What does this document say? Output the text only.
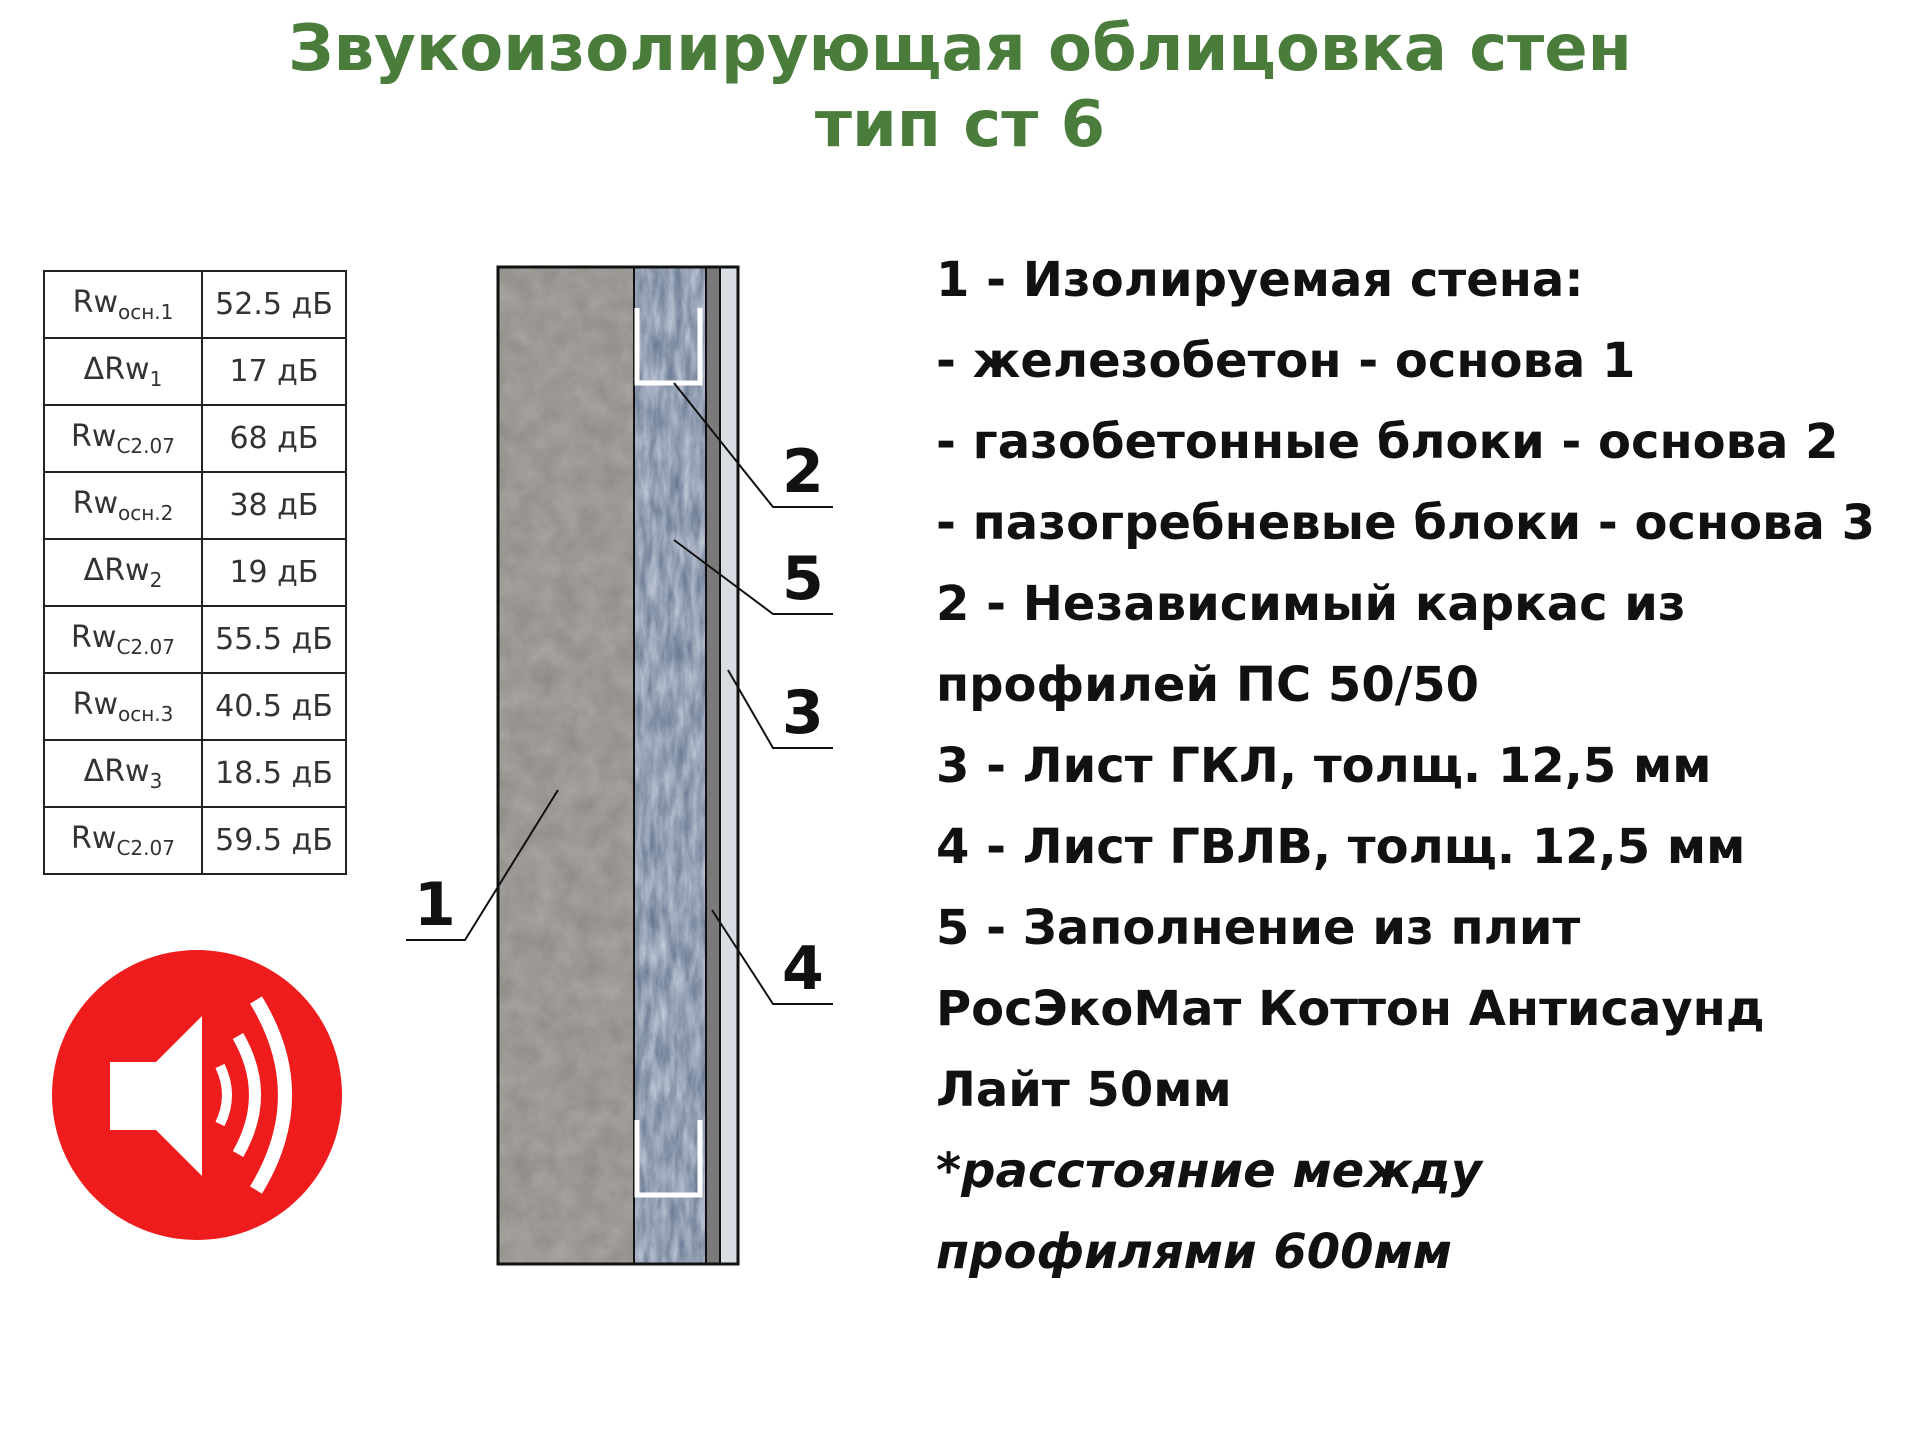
Звукоизолирующая облицовка стен
тип ст 6
$Rw_{осн.1}$	52.5 дБ
ΔRw$_1$	17 дБ
$Rw_{С2.07}$	68 дБ
$Rw_{осн.2}$	38 дБ
ΔRw$_2$	19 дБ
$Rw_{С2.07}$	55.5 дБ
$Rw_{осн.3}$	40.5 дБ
ΔRw$_3$	18.5 дБ
$Rw_{С2.07}$	59.5 дБ
2
5
3
4
1
1 - Изолируемая стена:
- железобетон - основа 1
- газобетонные блоки - основа 2
- пазогребневые блоки - основа 3
2 - Независимый каркас из
профилей ПС 50/50
3 - Лист ГКЛ, толщ. 12,5 мм
4 - Лист ГВЛВ, толщ. 12,5 мм
5 - Заполнение из плит
РосЭкоМат Коттон Антисаунд
Лайт 50мм
*расстояние между
профилями 600мм
